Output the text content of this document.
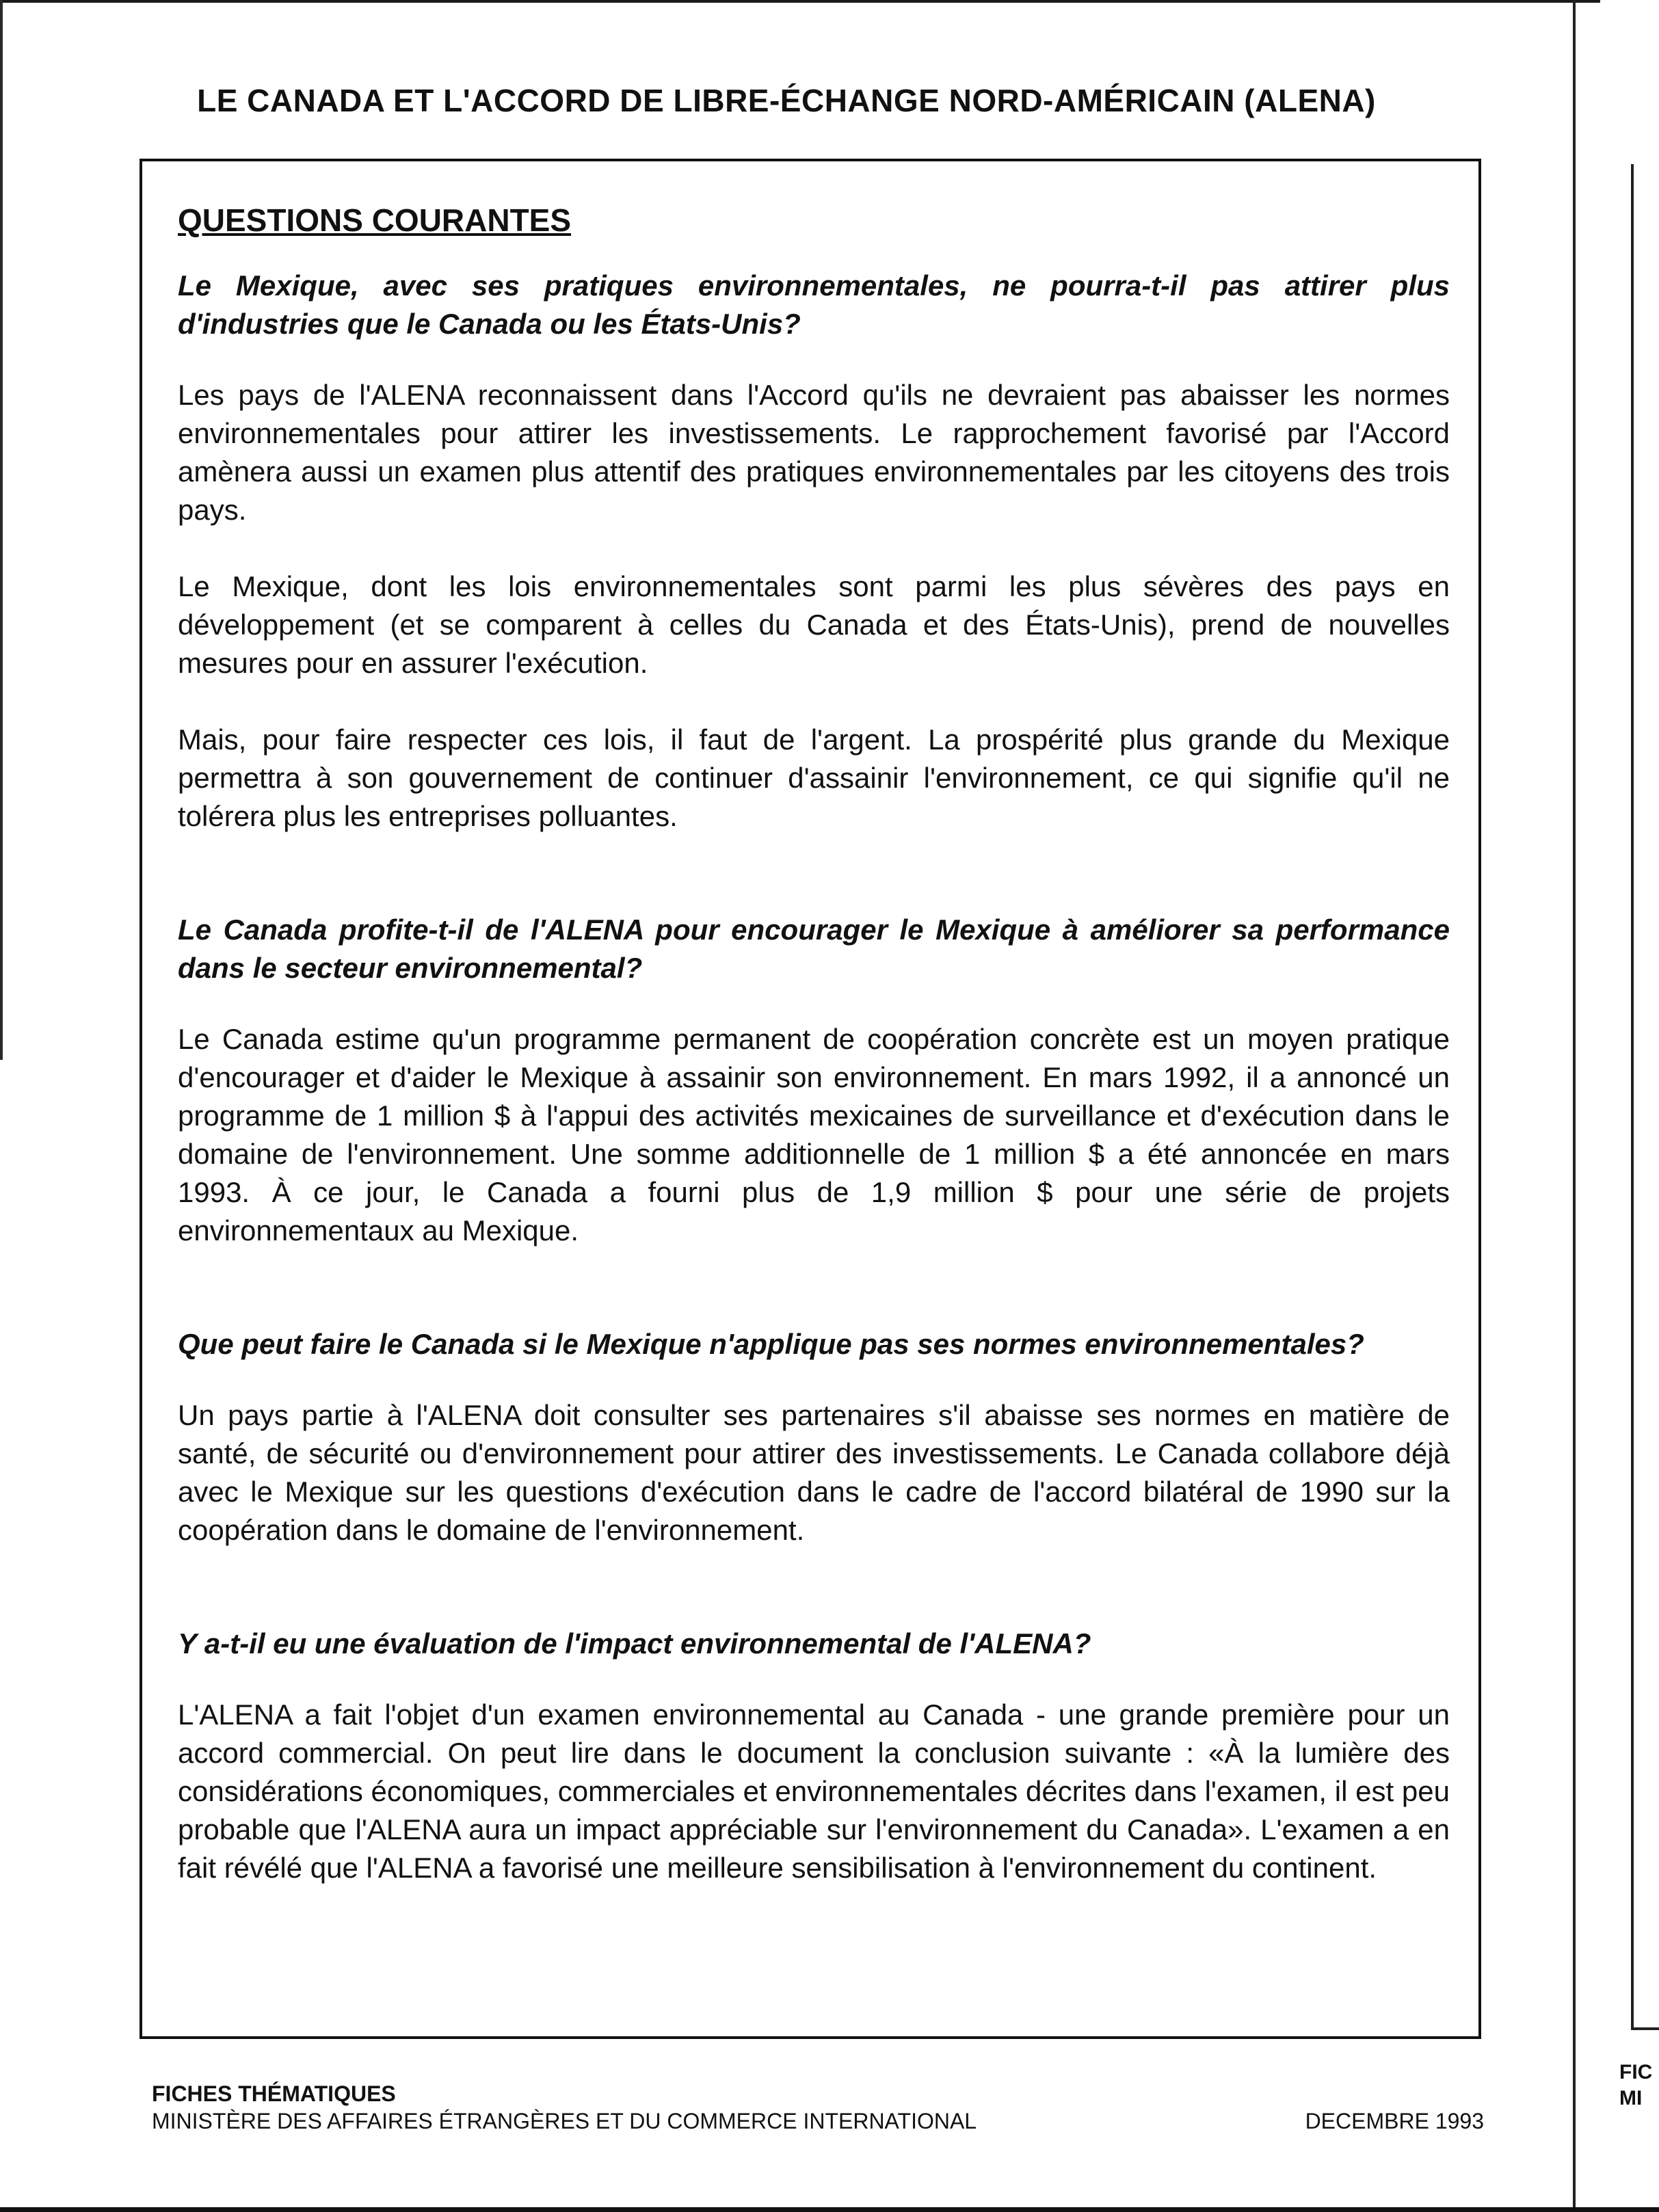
FIC
MI
LE CANADA ET L'ACCORD DE LIBRE-ÉCHANGE NORD-AMÉRICAIN (ALENA)
QUESTIONS COURANTES

Le Mexique, avec ses pratiques environnementales, ne pourra-t-il pas attirer plus d'industries que le Canada ou les États-Unis?

Les pays de l'ALENA reconnaissent dans l'Accord qu'ils ne devraient pas abaisser les normes environnementales pour attirer les investissements. Le rapprochement favorisé par l'Accord amènera aussi un examen plus attentif des pratiques environnementales par les citoyens des trois pays.

Le Mexique, dont les lois environnementales sont parmi les plus sévères des pays en développement (et se comparent à celles du Canada et des États-Unis), prend de nouvelles mesures pour en assurer l'exécution.

Mais, pour faire respecter ces lois, il faut de l'argent. La prospérité plus grande du Mexique permettra à son gouvernement de continuer d'assainir l'environnement, ce qui signifie qu'il ne tolérera plus les entreprises polluantes.

Le Canada profite-t-il de l'ALENA pour encourager le Mexique à améliorer sa performance dans le secteur environnemental?

Le Canada estime qu'un programme permanent de coopération concrète est un moyen pratique d'encourager et d'aider le Mexique à assainir son environnement. En mars 1992, il a annoncé un programme de 1 million $ à l'appui des activités mexicaines de surveillance et d'exécution dans le domaine de l'environnement. Une somme additionnelle de 1 million $ a été annoncée en mars 1993. À ce jour, le Canada a fourni plus de 1,9 million $ pour une série de projets environnementaux au Mexique.

Que peut faire le Canada si le Mexique n'applique pas ses normes environnementales?

Un pays partie à l'ALENA doit consulter ses partenaires s'il abaisse ses normes en matière de santé, de sécurité ou d'environnement pour attirer des investissements. Le Canada collabore déjà avec le Mexique sur les questions d'exécution dans le cadre de l'accord bilatéral de 1990 sur la coopération dans le domaine de l'environnement.

Y a-t-il eu une évaluation de l'impact environnemental de l'ALENA?

L'ALENA a fait l'objet d'un examen environnemental au Canada - une grande première pour un accord commercial. On peut lire dans le document la conclusion suivante : «À la lumière des considérations économiques, commerciales et environnementales décrites dans l'examen, il est peu probable que l'ALENA aura un impact appréciable sur l'environnement du Canada». L'examen a en fait révélé que l'ALENA a favorisé une meilleure sensibilisation à l'environnement du continent.

FICHES THÉMATIQUES
MINISTÈRE DES AFFAIRES ÉTRANGÈRES ET DU COMMERCE INTERNATIONAL	DECEMBRE 1993
